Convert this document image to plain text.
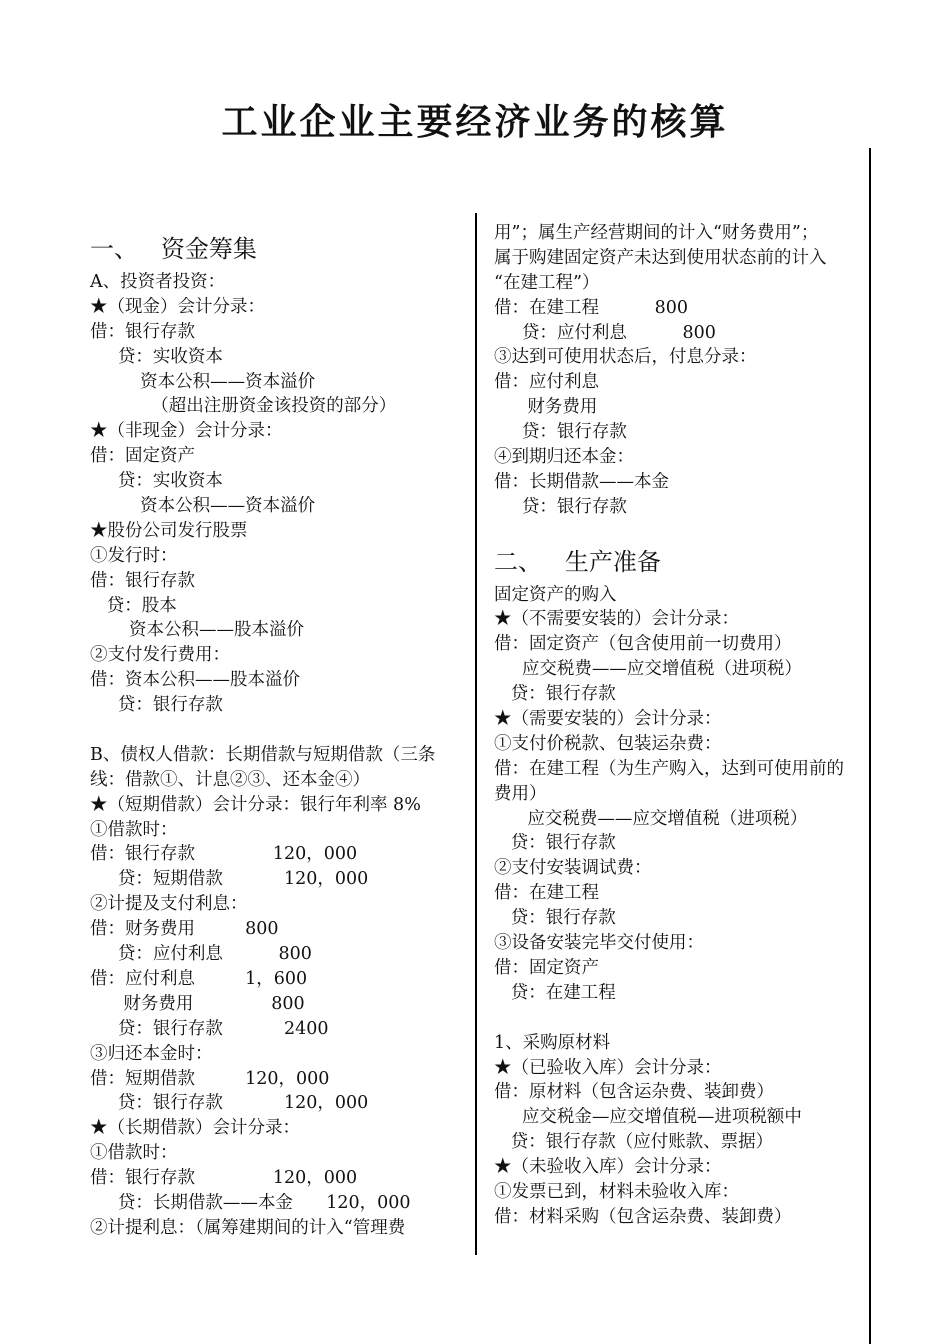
工业企业主要经济业务的核算
一、   资金筹集
A、投资者投资：
★（现金）会计分录：
借：银行存款
贷：实收资本
资本公积——资本溢价
（超出注册资金该投资的部分）
★（非现金）会计分录：
借：固定资产
贷：实收资本
资本公积——资本溢价
★股份公司发行股票
①发行时：
借：银行存款
贷：股本
资本公积——股本溢价
②支付发行费用：
借：资本公积——股本溢价
贷：银行存款
B、债权人借款：长期借款与短期借款（三条
线：借款①、计息②③、还本金④）
★（短期借款）会计分录：银行年利率 8%
①借款时：
借：银行存款              120，000
贷：短期借款           120，000
②计提及支付利息：
借：财务费用         800
贷：应付利息          800
借：应付利息         1，600
财务费用              800
贷：银行存款           2400
③归还本金时：
借：短期借款         120，000
贷：银行存款           120，000
★（长期借款）会计分录：
①借款时：
借：银行存款              120，000
贷：长期借款——本金      120，000
②计提利息：（属筹建期间的计入“管理费
用”；属生产经营期间的计入“财务费用”；
属于购建固定资产未达到使用状态前的计入
“在建工程”）
借：在建工程          800
贷：应付利息          800
③达到可使用状态后，付息分录：
借：应付利息
财务费用
贷：银行存款
④到期归还本金：
借：长期借款——本金
贷：银行存款
二、   生产准备
固定资产的购入
★（不需要安装的）会计分录：
借：固定资产（包含使用前一切费用）
应交税费——应交增值税（进项税）
贷：银行存款
★（需要安装的）会计分录：
①支付价税款、包装运杂费：
借：在建工程（为生产购入，达到可使用前的
费用）
应交税费——应交增值税（进项税）
贷：银行存款
②支付安装调试费：
借：在建工程
贷：银行存款
③设备安装完毕交付使用：
借：固定资产
贷：在建工程
1、采购原材料
★（已验收入库）会计分录：
借：原材料（包含运杂费、装卸费）
应交税金—应交增值税—进项税额中
贷：银行存款（应付账款、票据）
★（未验收入库）会计分录：
①发票已到，材料未验收入库：
借：材料采购（包含运杂费、装卸费）
